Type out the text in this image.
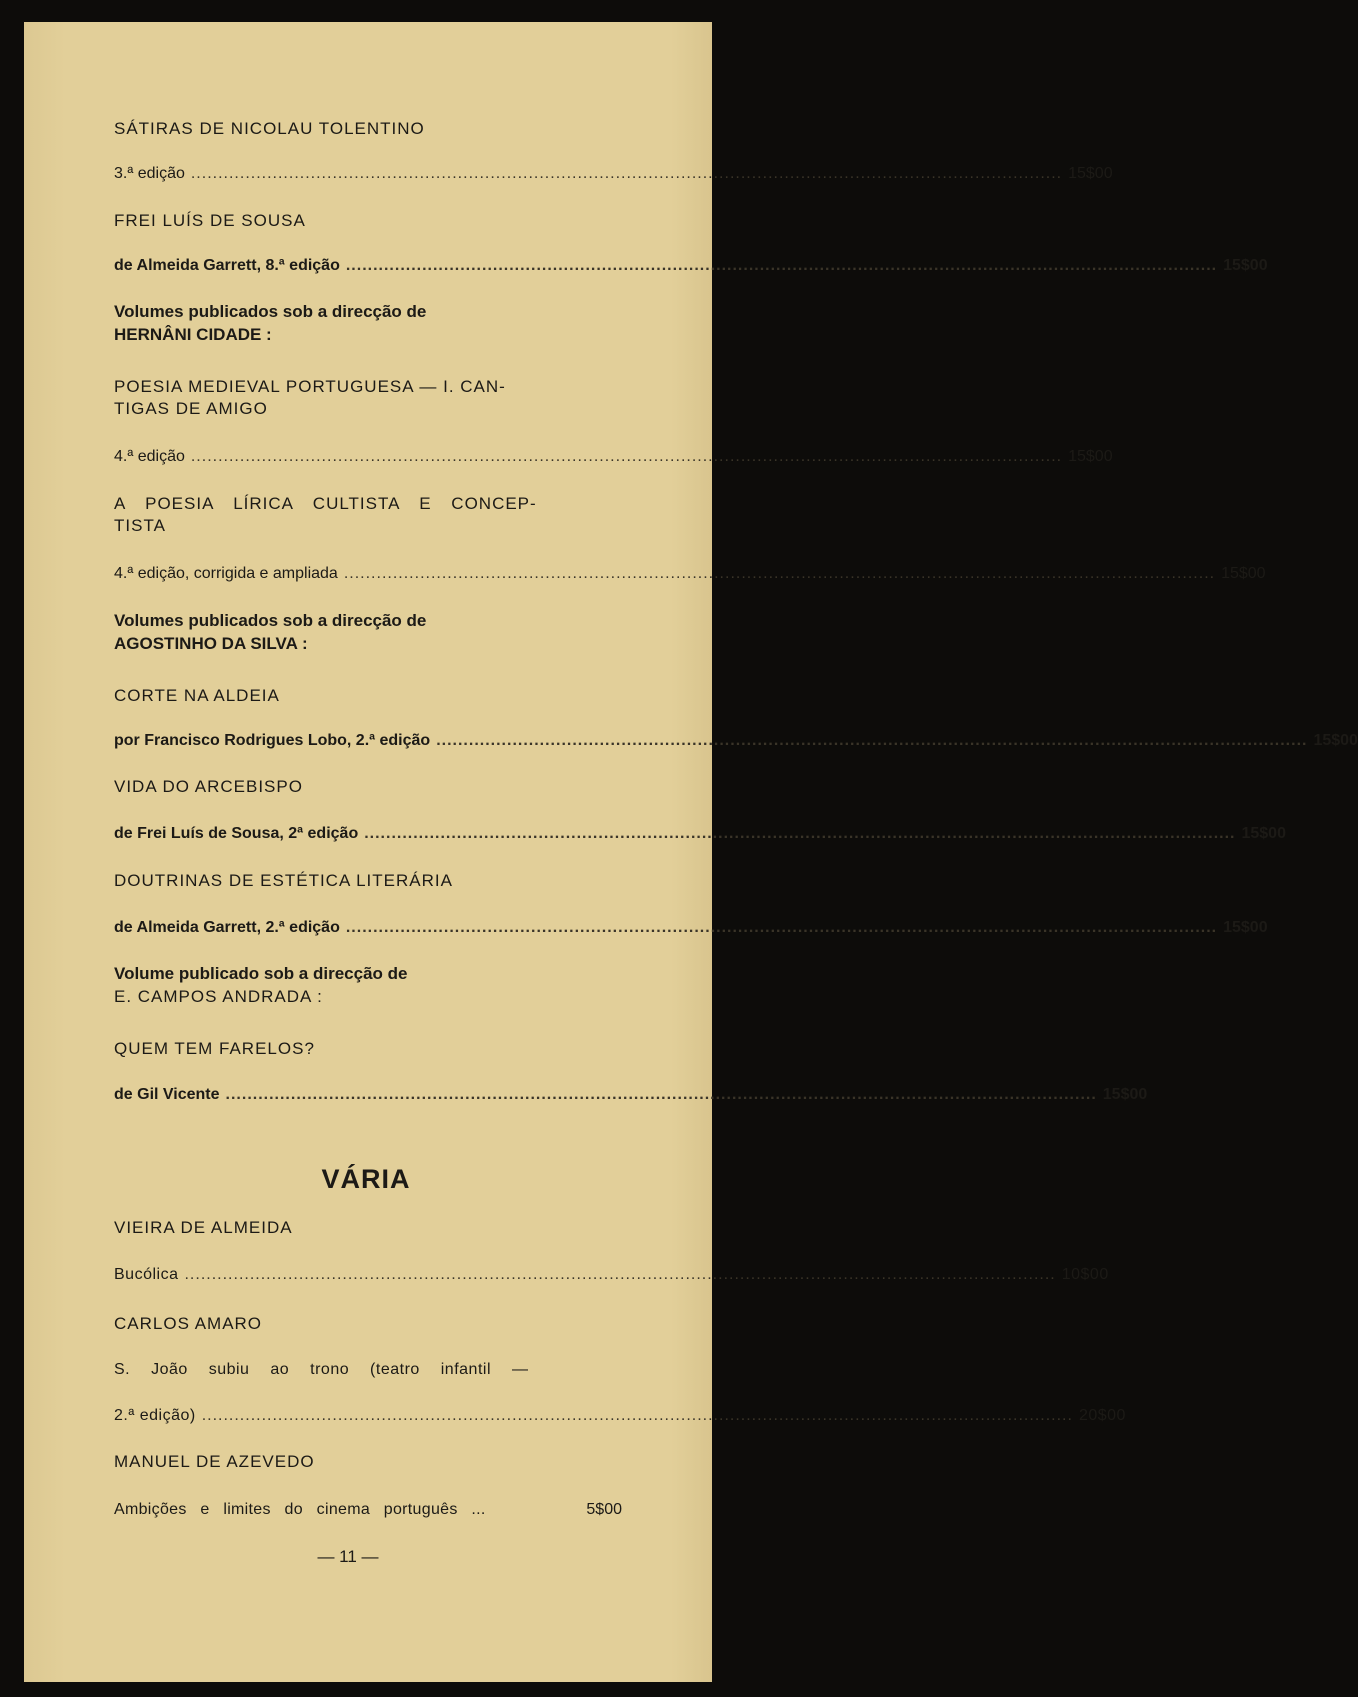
SÁTIRAS DE NICOLAU TOLENTINO
3.ª edição ................................................................................................................................................................ 15$00
FREI LUÍS DE SOUSA
de Almeida Garrett, 8.ª edição ................................................................................................................................................................ 15$00
Volumes publicados sob a direcção de
HERNÂNI CIDADE :
POESIA MEDIEVAL PORTUGUESA — I. CAN-
TIGAS DE AMIGO
4.ª edição ................................................................................................................................................................ 15$00
A POESIA LÍRICA CULTISTA E CONCEP-
TISTA
4.ª edição, corrigida e ampliada ................................................................................................................................................................ 15$00
Volumes publicados sob a direcção de
AGOSTINHO DA SILVA :
CORTE NA ALDEIA
por Francisco Rodrigues Lobo, 2.ª edição ................................................................................................................................................................ 15$00
VIDA DO ARCEBISPO
de Frei Luís de Sousa, 2ª edição ................................................................................................................................................................ 15$00
DOUTRINAS DE ESTÉTICA LITERÁRIA
de Almeida Garrett, 2.ª edição ................................................................................................................................................................ 15$00
Volume publicado sob a direcção de
E. CAMPOS ANDRADA :
QUEM TEM FARELOS?
de Gil Vicente ................................................................................................................................................................ 15$00
VÁRIA
VIEIRA DE ALMEIDA
Bucólica ................................................................................................................................................................ 10$00
CARLOS AMARO
S. João subiu ao trono (teatro infantil —
2.ª edição) ................................................................................................................................................................ 20$00
MANUEL DE AZEVEDO
Ambições e limites do cinema português ...	5$00
— 11 —
